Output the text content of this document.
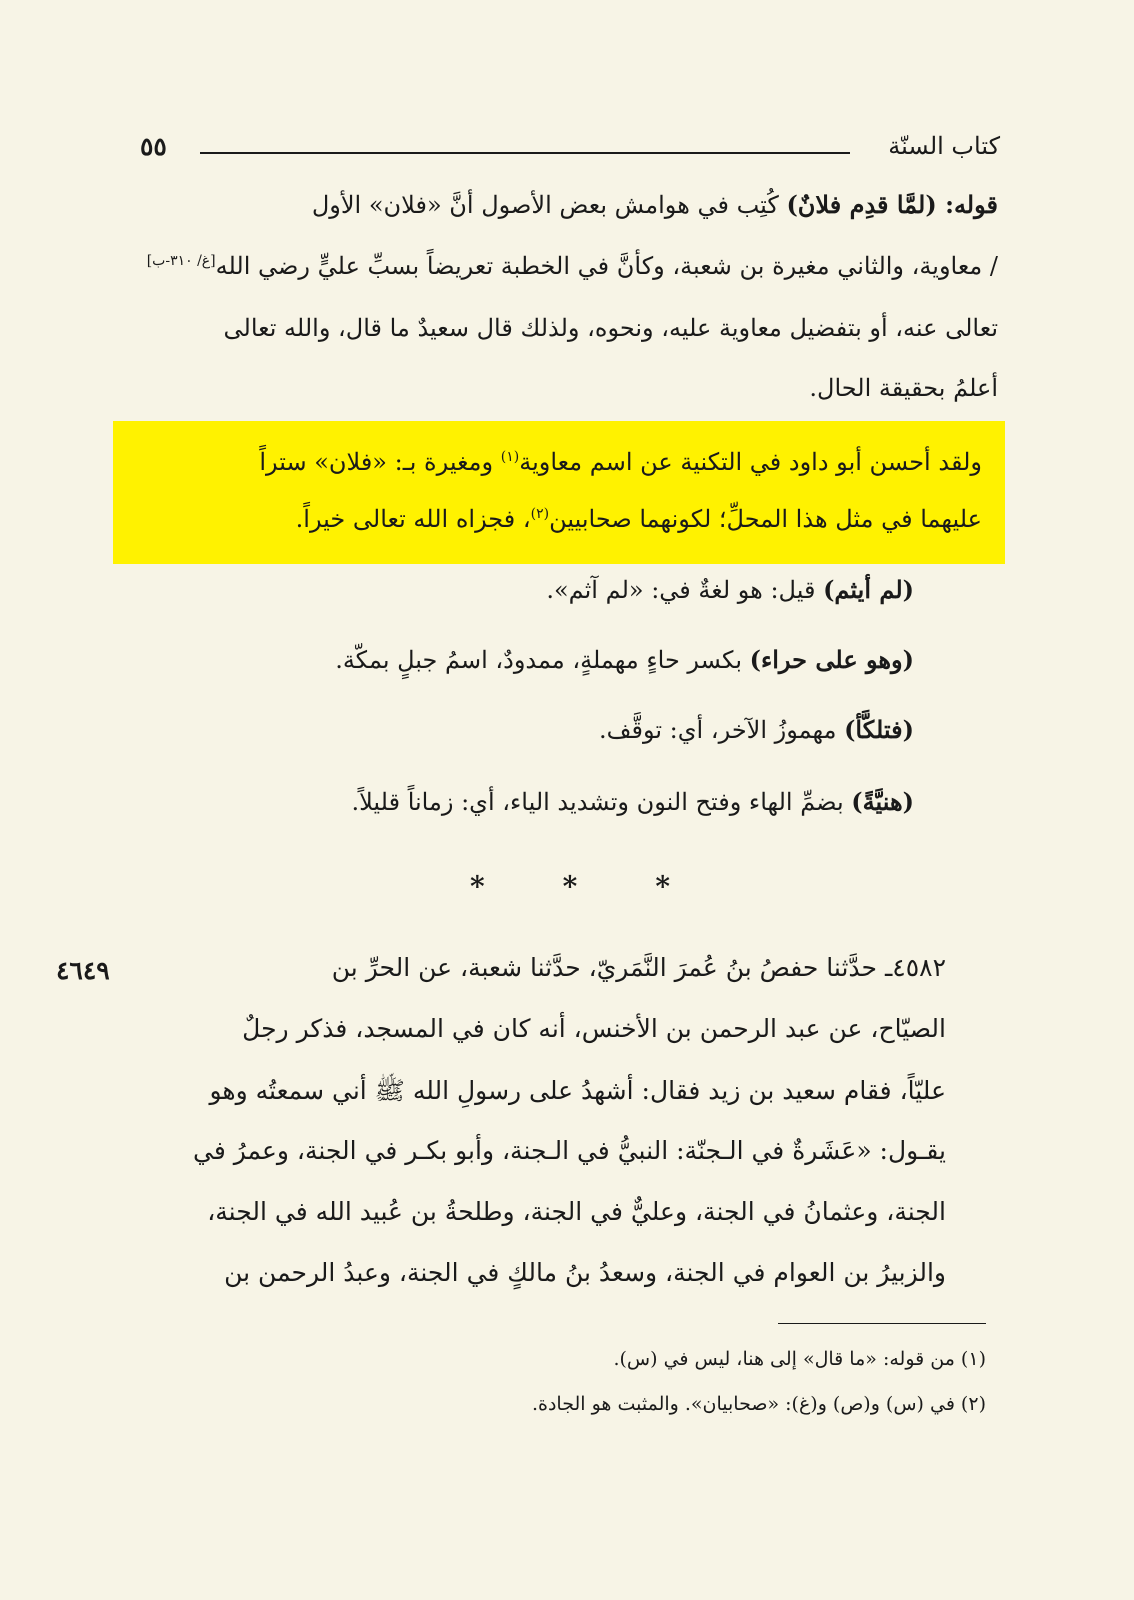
كتاب السنّة
٥٥
قوله: (لمَّا قدِم فلانٌ) كُتِب في هوامش بعض الأصول أنَّ «فلان» الأول
/ معاوية، والثاني مغيرة بن شعبة، وكأنَّ في الخطبة تعريضاً بسبِّ عليٍّ رضي الله[غ/ ٣١٠-ب]
تعالى عنه، أو بتفضيل معاوية عليه، ونحوه، ولذلك قال سعيدٌ ما قال، والله تعالى
أعلمُ بحقيقة الحال.
ولقد أحسن أبو داود في التكنية عن اسم معاوية$^{(١)}$ ومغيرة بـ: «فلان» ستراً
عليهما في مثل هذا المحلِّ؛ لكونهما صحابيين$^{(٢)}$، فجزاه الله تعالى خيراً.
(لم أيثم) قيل: هو لغةٌ في: «لم آثم».
(وهو على حراء) بكسر حاءٍ مهملةٍ، ممدودٌ، اسمُ جبلٍ بمكّة.
(فتلكَّأ) مهموزُ الآخر، أي: توقَّف.
(هنيَّةً) بضمِّ الهاء وفتح النون وتشديد الياء، أي: زماناً قليلاً.
*	*	*
٤٦٤٩	٤٥٨٢ـ حدَّثنا حفصُ بنُ عُمرَ النَّمَريّ، حدَّثنا شعبة، عن الحرِّ بن
الصيّاح، عن عبد الرحمن بن الأخنس، أنه كان في المسجد، فذكر رجلٌ
عليّاً، فقام سعيد بن زيد فقال: أشهدُ على رسولِ الله ﷺ أني سمعتُه وهو
يقـول: «عَشَرةٌ في الـجنّة: النبيُّ في الـجنة، وأبو بكـر في الجنة، وعمرُ في
الجنة، وعثمانُ في الجنة، وعليٌّ في الجنة، وطلحةُ بن عُبيد الله في الجنة،
والزبيرُ بن العوام في الجنة، وسعدُ بنُ مالكٍ في الجنة، وعبدُ الرحمن بن
(١) من قوله: «ما قال» إلى هنا، ليس في (س).
(٢) في (س) و(ص) و(غ): «صحابيان». والمثبت هو الجادة.
